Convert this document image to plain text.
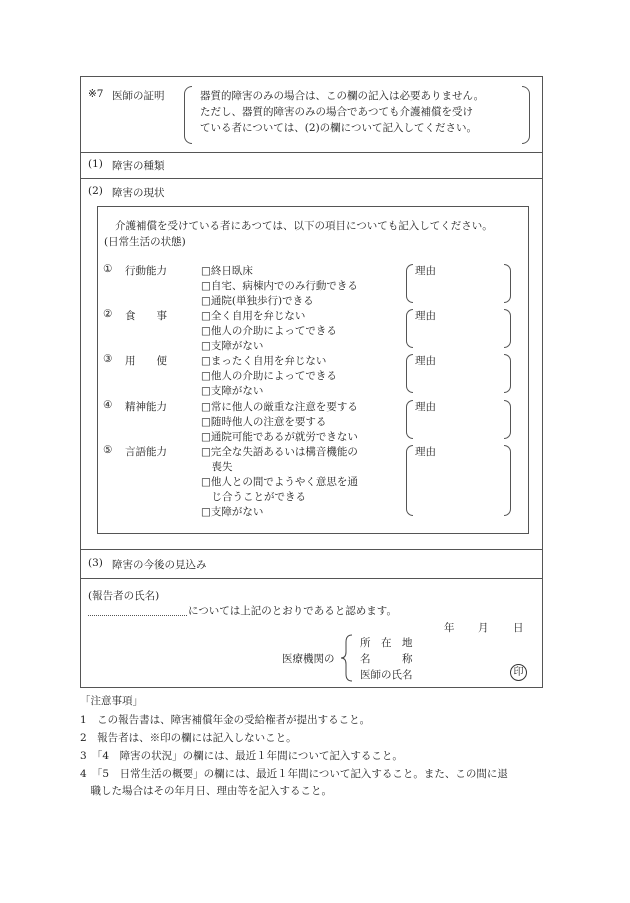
※7 医師の証明	器質的障害のみの場合は、この欄の記入は必要ありません。
ただし、器質的障害のみの場合であつても介護補償を受け
ている者については、(2)の欄について記入してください。
(1) 障害の種類
(2) 障害の現状
介護補償を受けている者にあつては、以下の項目についても記入してください。
(日常生活の状態)
① 行動能力	□終日臥床
□自宅、病棟内でのみ行動できる
□通院(単独歩行)できる
理由
② 食　　事	□全く自用を弁じない
□他人の介助によってできる
□支障がない
理由
③ 用　　便	□まったく自用を弁じない
□他人の介助によってできる
□支障がない
理由
④ 精神能力	□常に他人の厳重な注意を要する
□随時他人の注意を要する
□通院可能であるが就労できない
理由
⑤ 言語能力	□完全な失語あるいは構音機能の
　喪失
□他人との間でようやく意思を通
　じ合うことができる
□支障がない
理由
(3) 障害の今後の見込み
(報告者の氏名)
については上記のとおりであると認めます。
年 月 日
医療機関の
所　在　地
名　　　称
医師の氏名	印
「注意事項」
1　この報告書は、障害補償年金の受給権者が提出すること。
2　報告者は、※印の欄には記入しないこと。
3　「4　障害の状況」の欄には、最近１年間について記入すること。
4　「5　日常生活の概要」の欄には、最近１年間について記入すること。また、この間に退
　職した場合はその年月日、理由等を記入すること。
